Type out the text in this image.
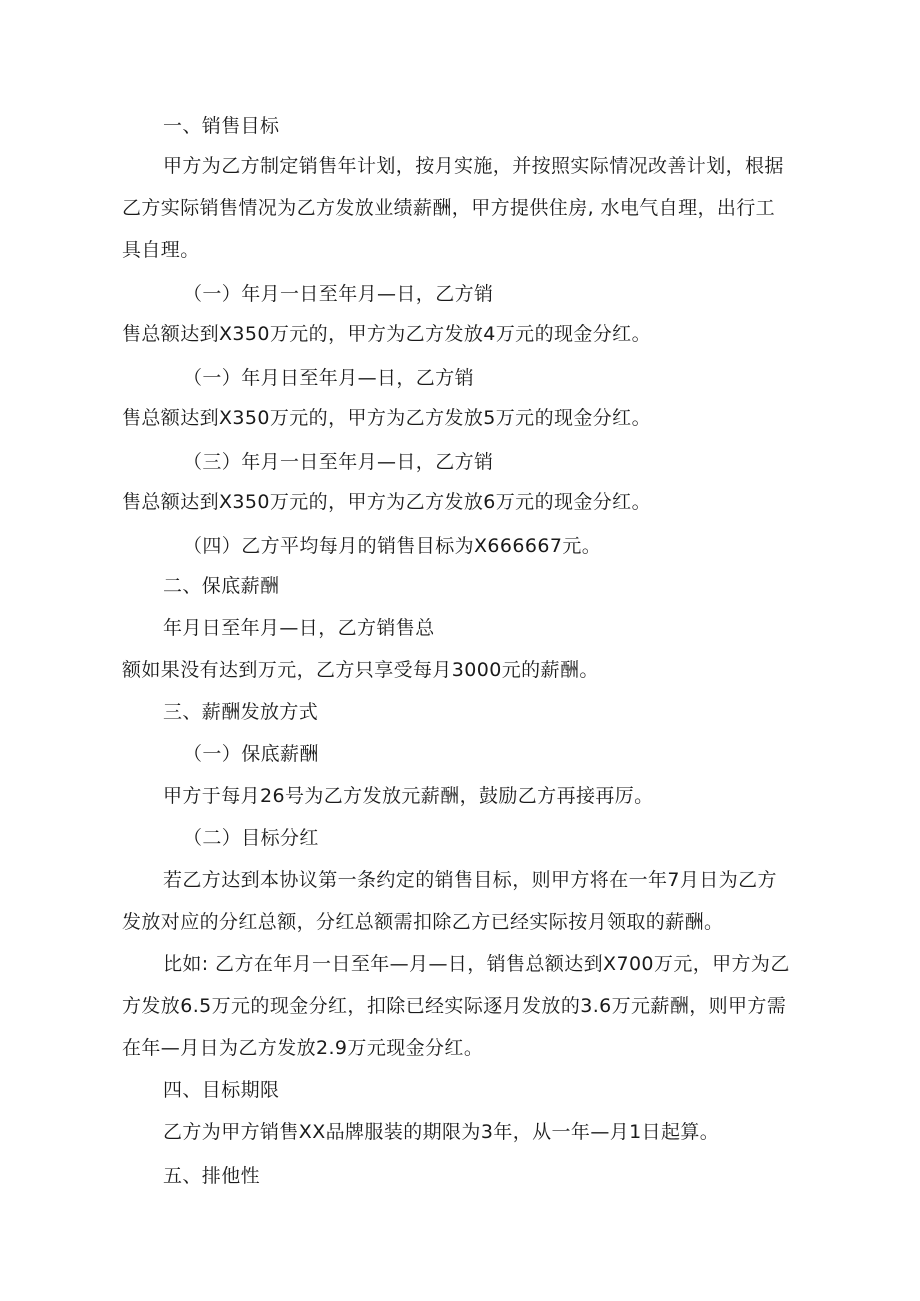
一、销售目标
甲方为乙方制定销售年计划，按月实施，并按照实际情况改善计划，根据
乙方实际销售情况为乙方发放业绩薪酬，甲方提供住房, 水电气自理，出行工
具自理。
（一）年月一日至年月—日，乙方销
售总额达到X350万元的，甲方为乙方发放4万元的现金分红。
（一）年月日至年月—日，乙方销
售总额达到X350万元的，甲方为乙方发放5万元的现金分红。
（三）年月一日至年月—日，乙方销
售总额达到X350万元的，甲方为乙方发放6万元的现金分红。
（四）乙方平均每月的销售目标为X666667元。
二、保底薪酬
年月日至年月—日，乙方销售总
额如果没有达到万元，乙方只享受每月3000元的薪酬。
三、薪酬发放方式
（一）保底薪酬
甲方于每月26号为乙方发放元薪酬，鼓励乙方再接再厉。
（二）目标分红
若乙方达到本协议第一条约定的销售目标，则甲方将在一年7月日为乙方
发放对应的分红总额，分红总额需扣除乙方已经实际按月领取的薪酬。
比如: 乙方在年月一日至年—月—日，销售总额达到X700万元，甲方为乙
方发放6.5万元的现金分红，扣除已经实际逐月发放的3.6万元薪酬，则甲方需
在年—月日为乙方发放2.9万元现金分红。
四、目标期限
乙方为甲方销售XX品牌服装的期限为3年，从一年—月1日起算。
五、排他性
